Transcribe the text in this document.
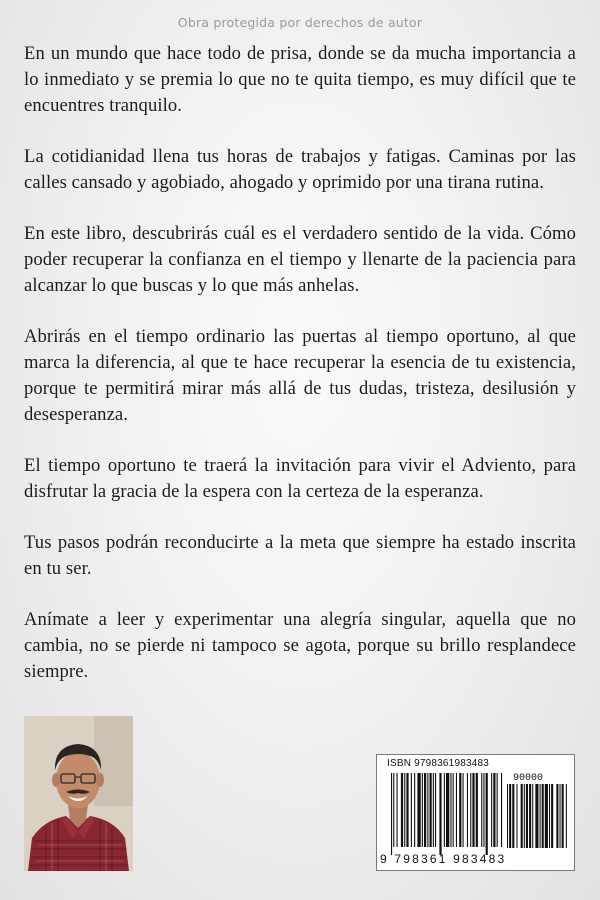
Obra protegida por derechos de autor

En un mundo que hace todo de prisa, donde se da mucha importancia a lo inmediato y se premia lo que no te quita tiempo, es muy difícil que te encuentres tranquilo.

La cotidianidad llena tus horas de trabajos y fatigas. Caminas por las calles cansado y agobiado, ahogado y oprimido por una tirana rutina.

En este libro, descubrirás cuál es el verdadero sentido de la vida. Cómo poder recuperar la confianza en el tiempo y llenarte de la paciencia para alcanzar lo que buscas y lo que más anhelas.

Abrirás en el tiempo ordinario las puertas al tiempo oportuno, al que marca la diferencia, al que te hace recuperar la esencia de tu existencia, porque te permitirá mirar más allá de tus dudas, tristeza, desilusión y desesperanza.

El tiempo oportuno te traerá la invitación para vivir el Adviento, para disfrutar la gracia de la espera con la certeza de la esperanza.

Tus pasos podrán reconducirte a la meta que siempre ha estado inscrita en tu ser.

Anímate a leer y experimentar una alegría singular, aquella que no cambia, no se pierde ni tampoco se agota, porque su brillo resplandece siempre.

ISBN 9798361983483
90000
9 798361 983483
